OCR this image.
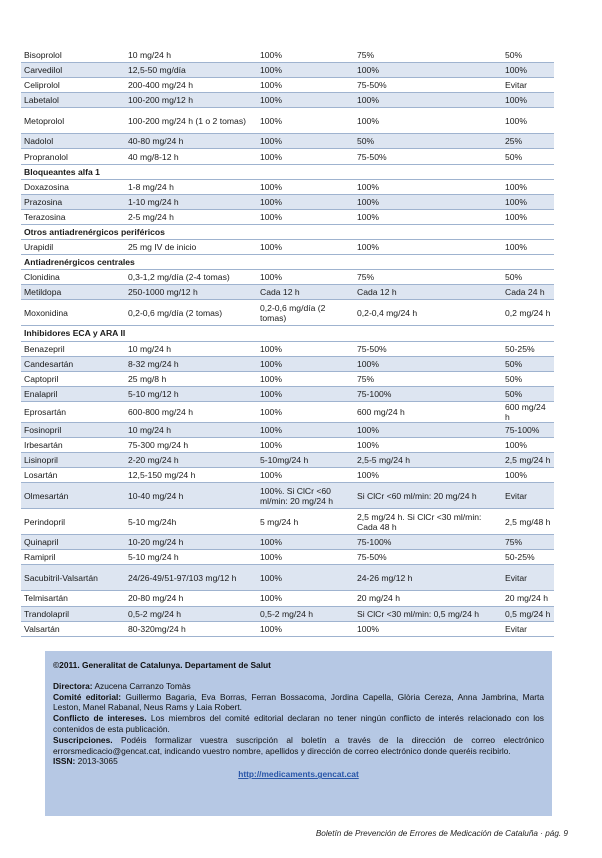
Bisoprolol	10 mg/24 h	100%	75%	50%
Carvedilol	12,5-50 mg/día	100%	100%	100%
Celiprolol	200-400 mg/24 h	100%	75-50%	Evitar
Labetalol	100-200 mg/12 h	100%	100%	100%
Metoprolol	100-200 mg/24 h (1 o 2 tomas)	100%	100%	100%
Nadolol	40-80 mg/24 h	100%	50%	25%
Propranolol	40 mg/8-12 h	100%	75-50%	50%
Bloqueantes alfa 1				
Doxazosina	1-8 mg/24 h	100%	100%	100%
Prazosina	1-10 mg/24 h	100%	100%	100%
Terazosina	2-5 mg/24 h	100%	100%	100%
Otros antiadrenérgicos periféricos				
Urapidil	25 mg IV de inicio	100%	100%	100%
Antiadrenérgicos centrales				
Clonidina	0,3-1,2 mg/día (2-4 tomas)	100%	75%	50%
Metildopa	250-1000 mg/12 h	Cada 12 h	Cada 12 h	Cada 24 h
Moxonidina	0,2-0,6 mg/día (2 tomas)	0,2-0,6 mg/día (2 tomas)	0,2-0,4 mg/24 h	0,2 mg/24 h
Inhibidores ECA y ARA II				
Benazepril	10 mg/24 h	100%	75-50%	50-25%
Candesartán	8-32 mg/24 h	100%	100%	50%
Captopril	25 mg/8 h	100%	75%	50%
Enalapril	5-10 mg/12 h	100%	75-100%	50%
Eprosartán	600-800 mg/24 h	100%	600 mg/24 h	600 mg/24 h
Fosinopril	10 mg/24 h	100%	100%	75-100%
Irbesartán	75-300 mg/24 h	100%	100%	100%
Lisinopril	2-20 mg/24 h	5-10mg/24 h	2,5-5 mg/24 h	2,5 mg/24 h
Losartán	12,5-150 mg/24 h	100%	100%	100%
Olmesartán	10-40 mg/24 h	100%. Si ClCr <60 ml/min: 20 mg/24 h	Si ClCr <60 ml/min: 20 mg/24 h	Evitar
Perindopril	5-10 mg/24h	5 mg/24 h	2,5 mg/24 h. Si ClCr <30 ml/min: Cada 48 h	2,5 mg/48 h
Quinapril	10-20 mg/24 h	100%	75-100%	75%
Ramipril	5-10 mg/24 h	100%	75-50%	50-25%
Sacubitril-Valsartán	24/26-49/51-97/103 mg/12 h	100%	24-26 mg/12 h	Evitar
Telmisartán	20-80 mg/24 h	100%	20 mg/24 h	20 mg/24 h
Trandolapril	0,5-2 mg/24 h	0,5-2 mg/24 h	Si ClCr <30 ml/min: 0,5 mg/24 h	0,5 mg/24 h
Valsartán	80-320mg/24 h	100%	100%	Evitar
©2011. Generalitat de Catalunya. Departament de Salut

Directora: Azucena Carranzo Tomàs

Comité editorial: Guillermo Bagaria, Eva Borras, Ferran Bossacoma, Jordina Capella, Glòria Cereza, Anna Jambrina, Marta Leston, Manel Rabanal, Neus Rams y Laia Robert.

Conflicto de intereses. Los miembros del comité editorial declaran no tener ningún conflicto de interés relacionado con los contenidos de esta publicación.

Suscripciones. Podéis formalizar vuestra suscripción al boletín a través de la dirección de correo electrónico errorsmedicacio@gencat.cat, indicando vuestro nombre, apellidos y dirección de correo electrónico donde queréis recibirlo.

ISSN: 2013-3065

http://medicaments.gencat.cat
Boletín de Prevención de Errores de Medicación de Cataluña · pág. 9
